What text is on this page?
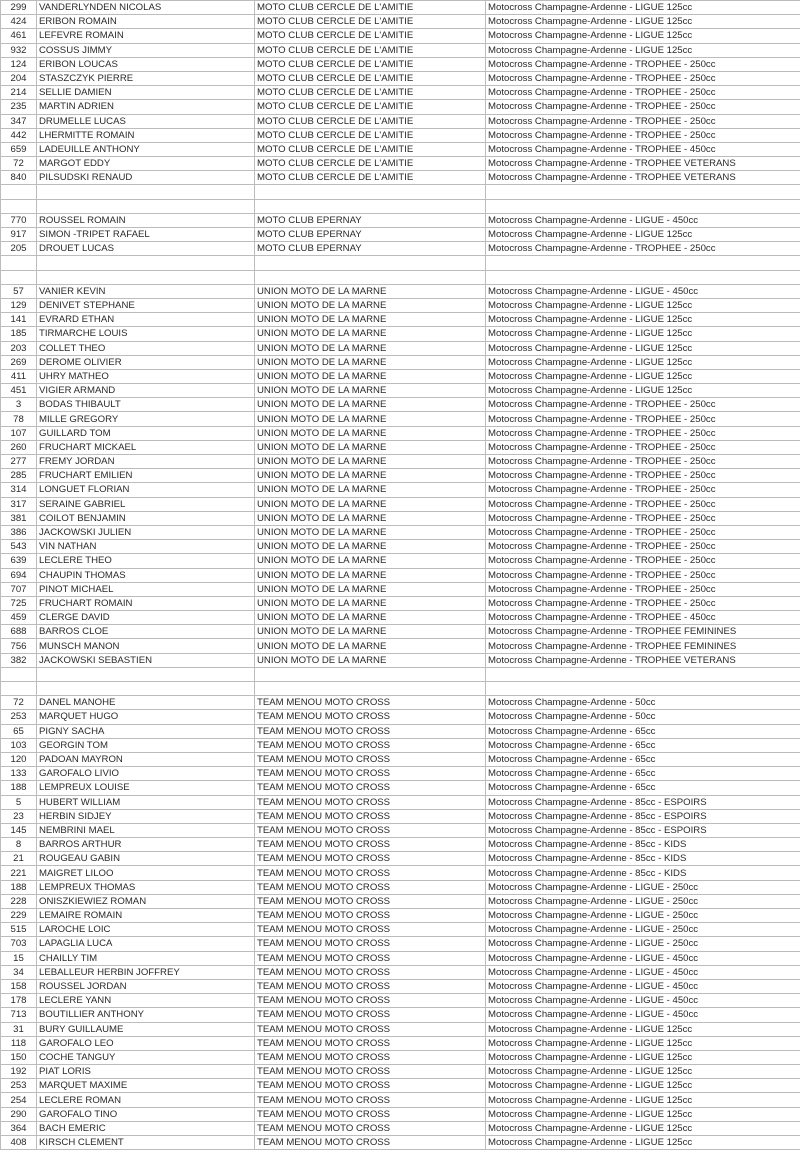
299	VANDERLYNDEN NICOLAS	MOTO CLUB CERCLE DE L'AMITIE	Motocross Champagne-Ardenne - LIGUE 125cc
424	ERIBON ROMAIN	MOTO CLUB CERCLE DE L'AMITIE	Motocross Champagne-Ardenne - LIGUE 125cc
461	LEFEVRE ROMAIN	MOTO CLUB CERCLE DE L'AMITIE	Motocross Champagne-Ardenne - LIGUE 125cc
932	COSSUS JIMMY	MOTO CLUB CERCLE DE L'AMITIE	Motocross Champagne-Ardenne - LIGUE 125cc
124	ERIBON LOUCAS	MOTO CLUB CERCLE DE L'AMITIE	Motocross Champagne-Ardenne - TROPHEE - 250cc
204	STASZCZYK PIERRE	MOTO CLUB CERCLE DE L'AMITIE	Motocross Champagne-Ardenne - TROPHEE - 250cc
214	SELLIE DAMIEN	MOTO CLUB CERCLE DE L'AMITIE	Motocross Champagne-Ardenne - TROPHEE - 250cc
235	MARTIN ADRIEN	MOTO CLUB CERCLE DE L'AMITIE	Motocross Champagne-Ardenne - TROPHEE - 250cc
347	DRUMELLE LUCAS	MOTO CLUB CERCLE DE L'AMITIE	Motocross Champagne-Ardenne - TROPHEE - 250cc
442	LHERMITTE ROMAIN	MOTO CLUB CERCLE DE L'AMITIE	Motocross Champagne-Ardenne - TROPHEE - 250cc
659	LADEUILLE ANTHONY	MOTO CLUB CERCLE DE L'AMITIE	Motocross Champagne-Ardenne - TROPHEE - 450cc
72	MARGOT EDDY	MOTO CLUB CERCLE DE L'AMITIE	Motocross Champagne-Ardenne - TROPHEE VETERANS
840	PILSUDSKI RENAUD	MOTO CLUB CERCLE DE L'AMITIE	Motocross Champagne-Ardenne - TROPHEE VETERANS

770	ROUSSEL ROMAIN	MOTO CLUB EPERNAY	Motocross Champagne-Ardenne - LIGUE - 450cc
917	SIMON -TRIPET RAFAEL	MOTO CLUB EPERNAY	Motocross Champagne-Ardenne - LIGUE 125cc
205	DROUET LUCAS	MOTO CLUB EPERNAY	Motocross Champagne-Ardenne - TROPHEE - 250cc

57	VANIER KEVIN	UNION MOTO DE LA MARNE	Motocross Champagne-Ardenne - LIGUE - 450cc
129	DENIVET STEPHANE	UNION MOTO DE LA MARNE	Motocross Champagne-Ardenne - LIGUE 125cc
141	EVRARD ETHAN	UNION MOTO DE LA MARNE	Motocross Champagne-Ardenne - LIGUE 125cc
185	TIRMARCHE LOUIS	UNION MOTO DE LA MARNE	Motocross Champagne-Ardenne - LIGUE 125cc
203	COLLET THEO	UNION MOTO DE LA MARNE	Motocross Champagne-Ardenne - LIGUE 125cc
269	DEROME OLIVIER	UNION MOTO DE LA MARNE	Motocross Champagne-Ardenne - LIGUE 125cc
411	UHRY MATHEO	UNION MOTO DE LA MARNE	Motocross Champagne-Ardenne - LIGUE 125cc
451	VIGIER ARMAND	UNION MOTO DE LA MARNE	Motocross Champagne-Ardenne - LIGUE 125cc
3	BODAS THIBAULT	UNION MOTO DE LA MARNE	Motocross Champagne-Ardenne - TROPHEE - 250cc
78	MILLE GREGORY	UNION MOTO DE LA MARNE	Motocross Champagne-Ardenne - TROPHEE - 250cc
107	GUILLARD TOM	UNION MOTO DE LA MARNE	Motocross Champagne-Ardenne - TROPHEE - 250cc
260	FRUCHART MICKAEL	UNION MOTO DE LA MARNE	Motocross Champagne-Ardenne - TROPHEE - 250cc
277	FREMY JORDAN	UNION MOTO DE LA MARNE	Motocross Champagne-Ardenne - TROPHEE - 250cc
285	FRUCHART EMILIEN	UNION MOTO DE LA MARNE	Motocross Champagne-Ardenne - TROPHEE - 250cc
314	LONGUET FLORIAN	UNION MOTO DE LA MARNE	Motocross Champagne-Ardenne - TROPHEE - 250cc
317	SERAINE GABRIEL	UNION MOTO DE LA MARNE	Motocross Champagne-Ardenne - TROPHEE - 250cc
381	COILOT BENJAMIN	UNION MOTO DE LA MARNE	Motocross Champagne-Ardenne - TROPHEE - 250cc
386	JACKOWSKI JULIEN	UNION MOTO DE LA MARNE	Motocross Champagne-Ardenne - TROPHEE - 250cc
543	VIN NATHAN	UNION MOTO DE LA MARNE	Motocross Champagne-Ardenne - TROPHEE - 250cc
639	LECLERE THEO	UNION MOTO DE LA MARNE	Motocross Champagne-Ardenne - TROPHEE - 250cc
694	CHAUPIN THOMAS	UNION MOTO DE LA MARNE	Motocross Champagne-Ardenne - TROPHEE - 250cc
707	PINOT MICHAEL	UNION MOTO DE LA MARNE	Motocross Champagne-Ardenne - TROPHEE - 250cc
725	FRUCHART ROMAIN	UNION MOTO DE LA MARNE	Motocross Champagne-Ardenne - TROPHEE - 250cc
459	CLERGE DAVID	UNION MOTO DE LA MARNE	Motocross Champagne-Ardenne - TROPHEE - 450cc
688	BARROS CLOE	UNION MOTO DE LA MARNE	Motocross Champagne-Ardenne - TROPHEE FEMININES
756	MUNSCH MANON	UNION MOTO DE LA MARNE	Motocross Champagne-Ardenne - TROPHEE FEMININES
382	JACKOWSKI SEBASTIEN	UNION MOTO DE LA MARNE	Motocross Champagne-Ardenne - TROPHEE VETERANS

72	DANEL MANOHE	TEAM MENOU MOTO CROSS	Motocross Champagne-Ardenne - 50cc
253	MARQUET HUGO	TEAM MENOU MOTO CROSS	Motocross Champagne-Ardenne - 50cc
65	PIGNY SACHA	TEAM MENOU MOTO CROSS	Motocross Champagne-Ardenne - 65cc
103	GEORGIN TOM	TEAM MENOU MOTO CROSS	Motocross Champagne-Ardenne - 65cc
120	PADOAN MAYRON	TEAM MENOU MOTO CROSS	Motocross Champagne-Ardenne - 65cc
133	GAROFALO LIVIO	TEAM MENOU MOTO CROSS	Motocross Champagne-Ardenne - 65cc
188	LEMPREUX LOUISE	TEAM MENOU MOTO CROSS	Motocross Champagne-Ardenne - 65cc
5	HUBERT WILLIAM	TEAM MENOU MOTO CROSS	Motocross Champagne-Ardenne - 85cc - ESPOIRS
23	HERBIN SIDJEY	TEAM MENOU MOTO CROSS	Motocross Champagne-Ardenne - 85cc - ESPOIRS
145	NEMBRINI MAEL	TEAM MENOU MOTO CROSS	Motocross Champagne-Ardenne - 85cc - ESPOIRS
8	BARROS ARTHUR	TEAM MENOU MOTO CROSS	Motocross Champagne-Ardenne - 85cc - KIDS
21	ROUGEAU GABIN	TEAM MENOU MOTO CROSS	Motocross Champagne-Ardenne - 85cc - KIDS
221	MAIGRET LILOO	TEAM MENOU MOTO CROSS	Motocross Champagne-Ardenne - 85cc - KIDS
188	LEMPREUX THOMAS	TEAM MENOU MOTO CROSS	Motocross Champagne-Ardenne - LIGUE - 250cc
228	ONISZKIEWIEZ ROMAN	TEAM MENOU MOTO CROSS	Motocross Champagne-Ardenne - LIGUE - 250cc
229	LEMAIRE ROMAIN	TEAM MENOU MOTO CROSS	Motocross Champagne-Ardenne - LIGUE - 250cc
515	LAROCHE LOIC	TEAM MENOU MOTO CROSS	Motocross Champagne-Ardenne - LIGUE - 250cc
703	LAPAGLIA LUCA	TEAM MENOU MOTO CROSS	Motocross Champagne-Ardenne - LIGUE - 250cc
15	CHAILLY TIM	TEAM MENOU MOTO CROSS	Motocross Champagne-Ardenne - LIGUE - 450cc
34	LEBALLEUR HERBIN JOFFREY	TEAM MENOU MOTO CROSS	Motocross Champagne-Ardenne - LIGUE - 450cc
158	ROUSSEL JORDAN	TEAM MENOU MOTO CROSS	Motocross Champagne-Ardenne - LIGUE - 450cc
178	LECLERE YANN	TEAM MENOU MOTO CROSS	Motocross Champagne-Ardenne - LIGUE - 450cc
713	BOUTILLIER ANTHONY	TEAM MENOU MOTO CROSS	Motocross Champagne-Ardenne - LIGUE - 450cc
31	BURY GUILLAUME	TEAM MENOU MOTO CROSS	Motocross Champagne-Ardenne - LIGUE 125cc
118	GAROFALO LEO	TEAM MENOU MOTO CROSS	Motocross Champagne-Ardenne - LIGUE 125cc
150	COCHE TANGUY	TEAM MENOU MOTO CROSS	Motocross Champagne-Ardenne - LIGUE 125cc
192	PIAT LORIS	TEAM MENOU MOTO CROSS	Motocross Champagne-Ardenne - LIGUE 125cc
253	MARQUET MAXIME	TEAM MENOU MOTO CROSS	Motocross Champagne-Ardenne - LIGUE 125cc
254	LECLERE ROMAN	TEAM MENOU MOTO CROSS	Motocross Champagne-Ardenne - LIGUE 125cc
290	GAROFALO TINO	TEAM MENOU MOTO CROSS	Motocross Champagne-Ardenne - LIGUE 125cc
364	BACH EMERIC	TEAM MENOU MOTO CROSS	Motocross Champagne-Ardenne - LIGUE 125cc
408	KIRSCH CLEMENT	TEAM MENOU MOTO CROSS	Motocross Champagne-Ardenne - LIGUE 125cc
